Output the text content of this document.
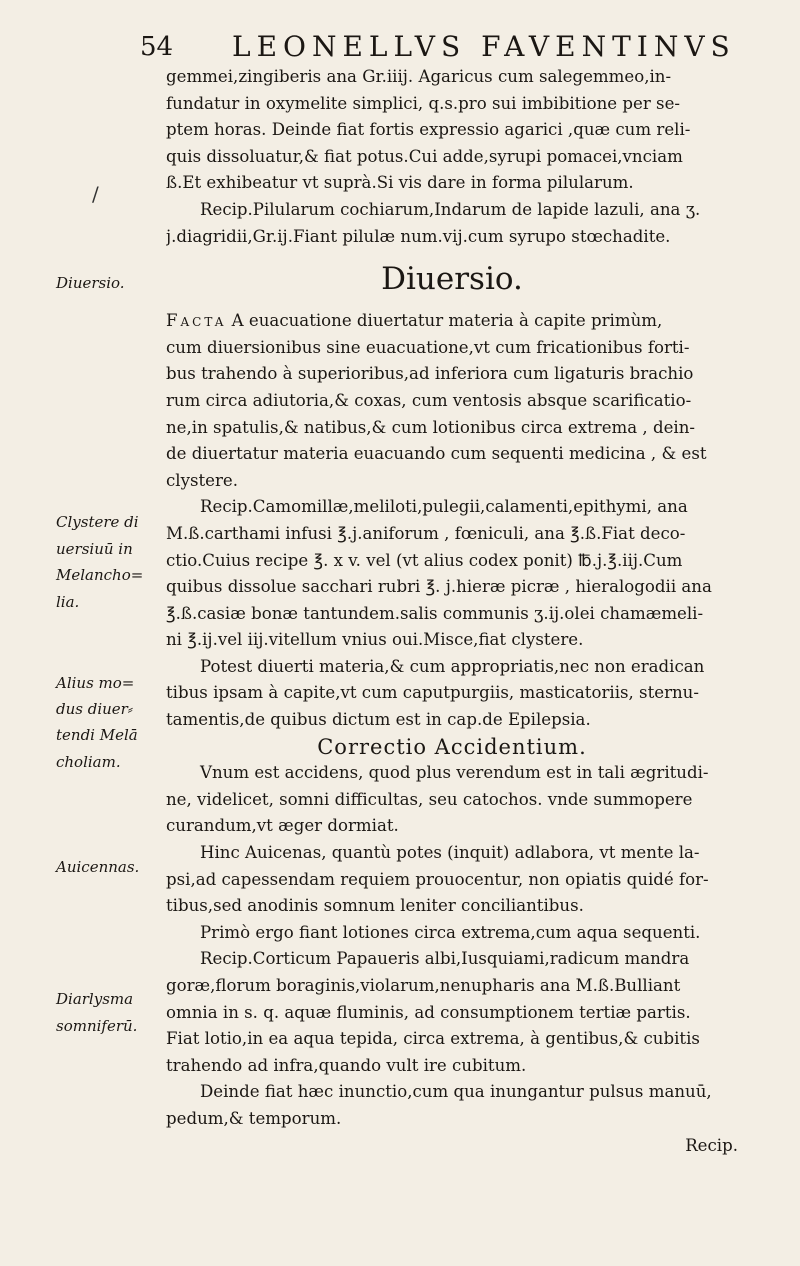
54 LEONELLVS FAVENTINVS
/
Diuersio.
Clystere di
uersiuū in
Melancho=
lia.
Alius mo=
dus diuer⸗
tendi Melā
choliam.
Auicennas.
Diarlysma
somniferū.
gemmei,zingiberis ana Gr.iiij. Agaricus cum salegemmeo,in-
fundatur in oxymelite simplici, q.s.pro sui imbibitione per se-
ptem horas. Deinde fiat fortis expressio agarici ,quæ cum reli-
quis dissoluatur,& fiat potus.Cui adde,syrupi pomacei,vnciam
ß.Et exhibeatur vt suprà.Si vis dare in forma pilularum.
Recip.Pilularum cochiarum,Indarum de lapide lazuli, ana ʒ.
j.diagridii,Gr.ij.Fiant pilulæ num.vij.cum syrupo stœchadite.
Diuersio.
Facta A euacuatione diuertatur materia à capite primùm,
cum diuersionibus sine euacuatione,vt cum fricationibus forti-
bus trahendo à superioribus,ad inferiora cum ligaturis brachio
rum circa adiutoria,& coxas, cum ventosis absque scarificatio-
ne,in spatulis,& natibus,& cum lotionibus circa extrema , dein-
de diuertatur materia euacuando cum sequenti medicina , & est
clystere.
Recip.Camomillæ,meliloti,pulegii,calamenti,epithymi, ana
M.ß.carthami infusi ℥.j.aniforum , fœniculi, ana ℥.ß.Fiat deco-
ctio.Cuius recipe ℥. x v. vel (vt alius codex ponit) ℔.j.℥.iij.Cum
quibus dissolue sacchari rubri ℥. j.hieræ picræ , hieralogodii ana
℥.ß.casiæ bonæ tantundem.salis communis ʒ.ij.olei chamæmeli-
ni ℥.ij.vel iij.vitellum vnius oui.Misce,fiat clystere.
Potest diuerti materia,& cum appropriatis,nec non eradican
tibus ipsam à capite,vt cum caputpurgiis, masticatoriis, sternu-
tamentis,de quibus dictum est in cap.de Epilepsia.
Correctio Accidentium.
Vnum est accidens, quod plus verendum est in tali ægritudi-
ne, videlicet, somni difficultas, seu catochos. vnde summopere
curandum,vt æger dormiat.
Hinc Auicenas, quantù potes (inquit) adlabora, vt mente la-
psi,ad capessendam requiem prouocentur, non opiatis quidé for-
tibus,sed anodinis somnum leniter conciliantibus.
Primò ergo fiant lotiones circa extrema,cum aqua sequenti.
Recip.Corticum Papaueris albi,Iusquiami,radicum mandra
goræ,florum boraginis,violarum,nenupharis ana M.ß.Bulliant
omnia in s. q. aquæ fluminis, ad consumptionem tertiæ partis.
Fiat lotio,in ea aqua tepida, circa extrema, à gentibus,& cubitis
trahendo ad infra,quando vult ire cubitum.
Deinde fiat hæc inunctio,cum qua inungantur pulsus manuū,
pedum,& temporum.
Recip.
